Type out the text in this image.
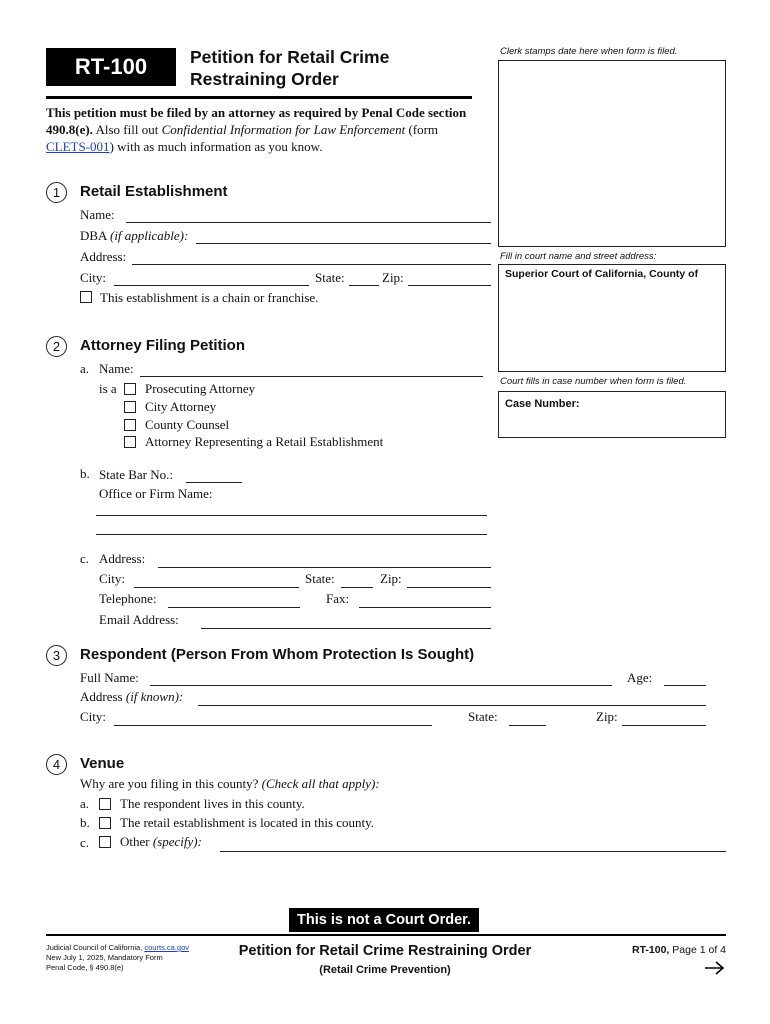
RT-100	Petition for Retail Crime
Restraining Order
This petition must be filed by an attorney as required by Penal Code section 490.8(e). Also fill out Confidential Information for Law Enforcement (form CLETS-001) with as much information as you know.
Clerk stamps date here when form is filed.
Fill in court name and street address:
Superior Court of California, County of
Court fills in case number when form is filed.
Case Number:
1	Retail Establishment
Name:
DBA (if applicable):
Address:
City:	State:	Zip:
This establishment is a chain or franchise.
2	Attorney Filing Petition
a. Name:
is a Prosecuting Attorney
City Attorney
County Counsel
Attorney Representing a Retail Establishment
b. State Bar No.:
Office or Firm Name:
c. Address:
City:	State:	Zip:
Telephone:	Fax:
Email Address:
3	Respondent (Person From Whom Protection Is Sought)
Full Name:	Age:
Address (if known):
City:	State:	Zip:
4	Venue
Why are you filing in this county? (Check all that apply):
a. The respondent lives in this county.
b. The retail establishment is located in this county.
c. Other (specify):
This is not a Court Order.
Judicial Council of California, courts.ca.gov
New July 1, 2025, Mandatory Form
Penal Code, § 490.8(e)
Petition for Retail Crime Restraining Order
(Retail Crime Prevention)
RT-100, Page 1 of 4
